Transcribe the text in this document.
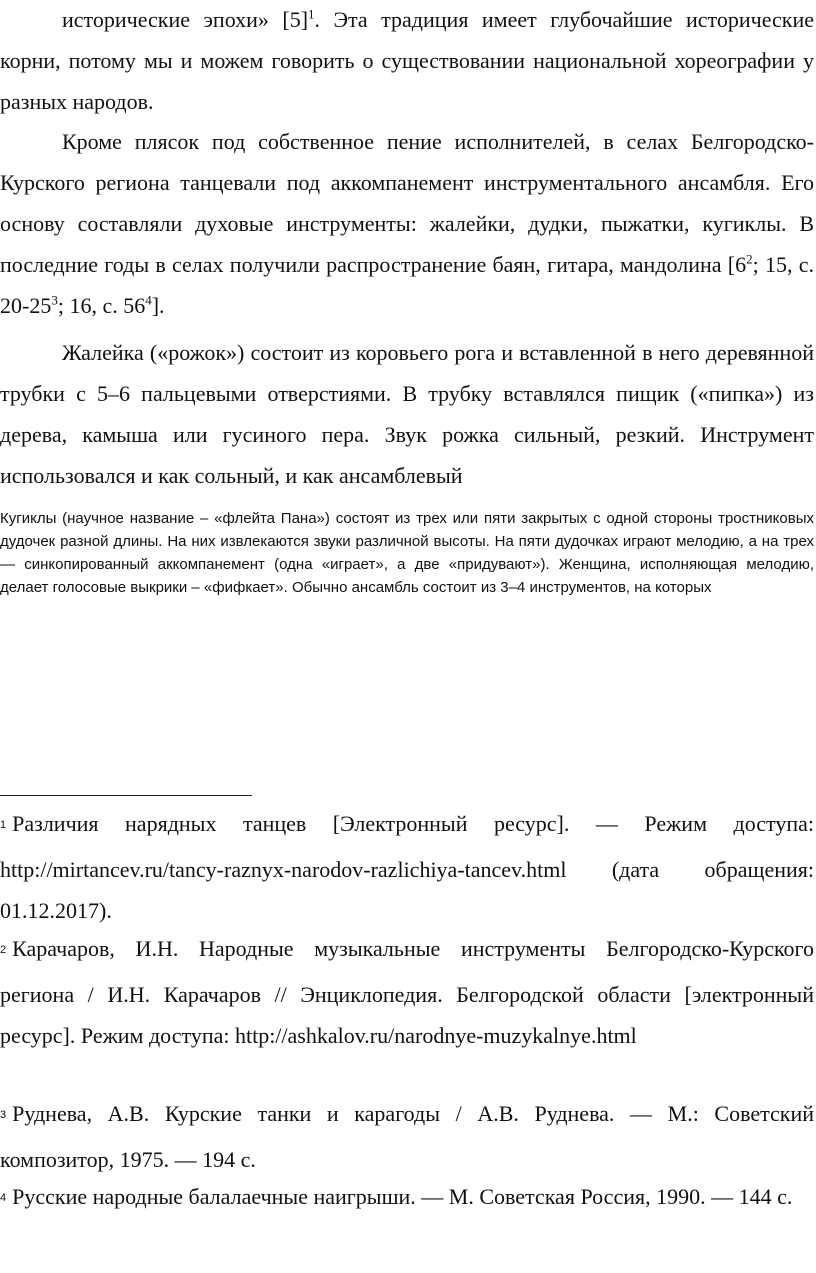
исторические эпохи» $[5]^1$. Эта традиция имеет глубочайшие исторические корни, потому мы и можем говорить о существовании национальной хореографии у разных народов.

Кроме плясок под собственное пение исполнителей, в селах Белгородско-Курского региона танцевали под аккомпанемент инструментального ансамбля. Его основу составляли духовые инструменты: жалейки, дудки, пыжатки, кугиклы. В последние годы в селах получили распространение баян, гитара, мандолина [$6^2$; 15, с. $20-25^3$; 16, с. $56^4$].

Жалейка («рожок») состоит из коровьего рога и вставленной в него деревянной трубки с 5–6 пальцевыми отверстиями. В трубку вставлялся пищик («пипка») из дерева, камыша или гусиного пера. Звук рожка сильный, резкий. Инструмент использовался и как сольный, и как ансамблевый

Кугиклы (научное название – «флейта Пана») состоят из трех или пяти закрытых с одной стороны тростниковых дудочек разной длины. На них извлекаются звуки различной высоты. На пяти дудочках играют мелодию, а на трех — синкопированный аккомпанемент (одна «играет», а две «придувают»). Женщина, исполняющая мелодию, делает голосовые выкрики – «фифкает». Обычно ансамбль состоит из 3–4 инструментов, на которых

1 Различия нарядных танцев [Электронный ресурс]. — Режим доступа: http://mirtancev.ru/tancy-raznyx-narodov-razlichiya-tancev.html (дата обращения: 01.12.2017).

2 Карачаров, И.Н. Народные музыкальные инструменты Белгородско-Курского региона / И.Н. Карачаров // Энциклопедия. Белгородской области [электронный ресурс]. Режим доступа: http://ashkalov.ru/narodnye-muzykalnye.html

3 Руднева, А.В. Курские танки и карагоды / А.В. Руднева. — М.: Советский композитор, 1975. — 194 с.

4 Русские народные балалаечные наигрыши. — М. Советская Россия, 1990. — 144 с.
